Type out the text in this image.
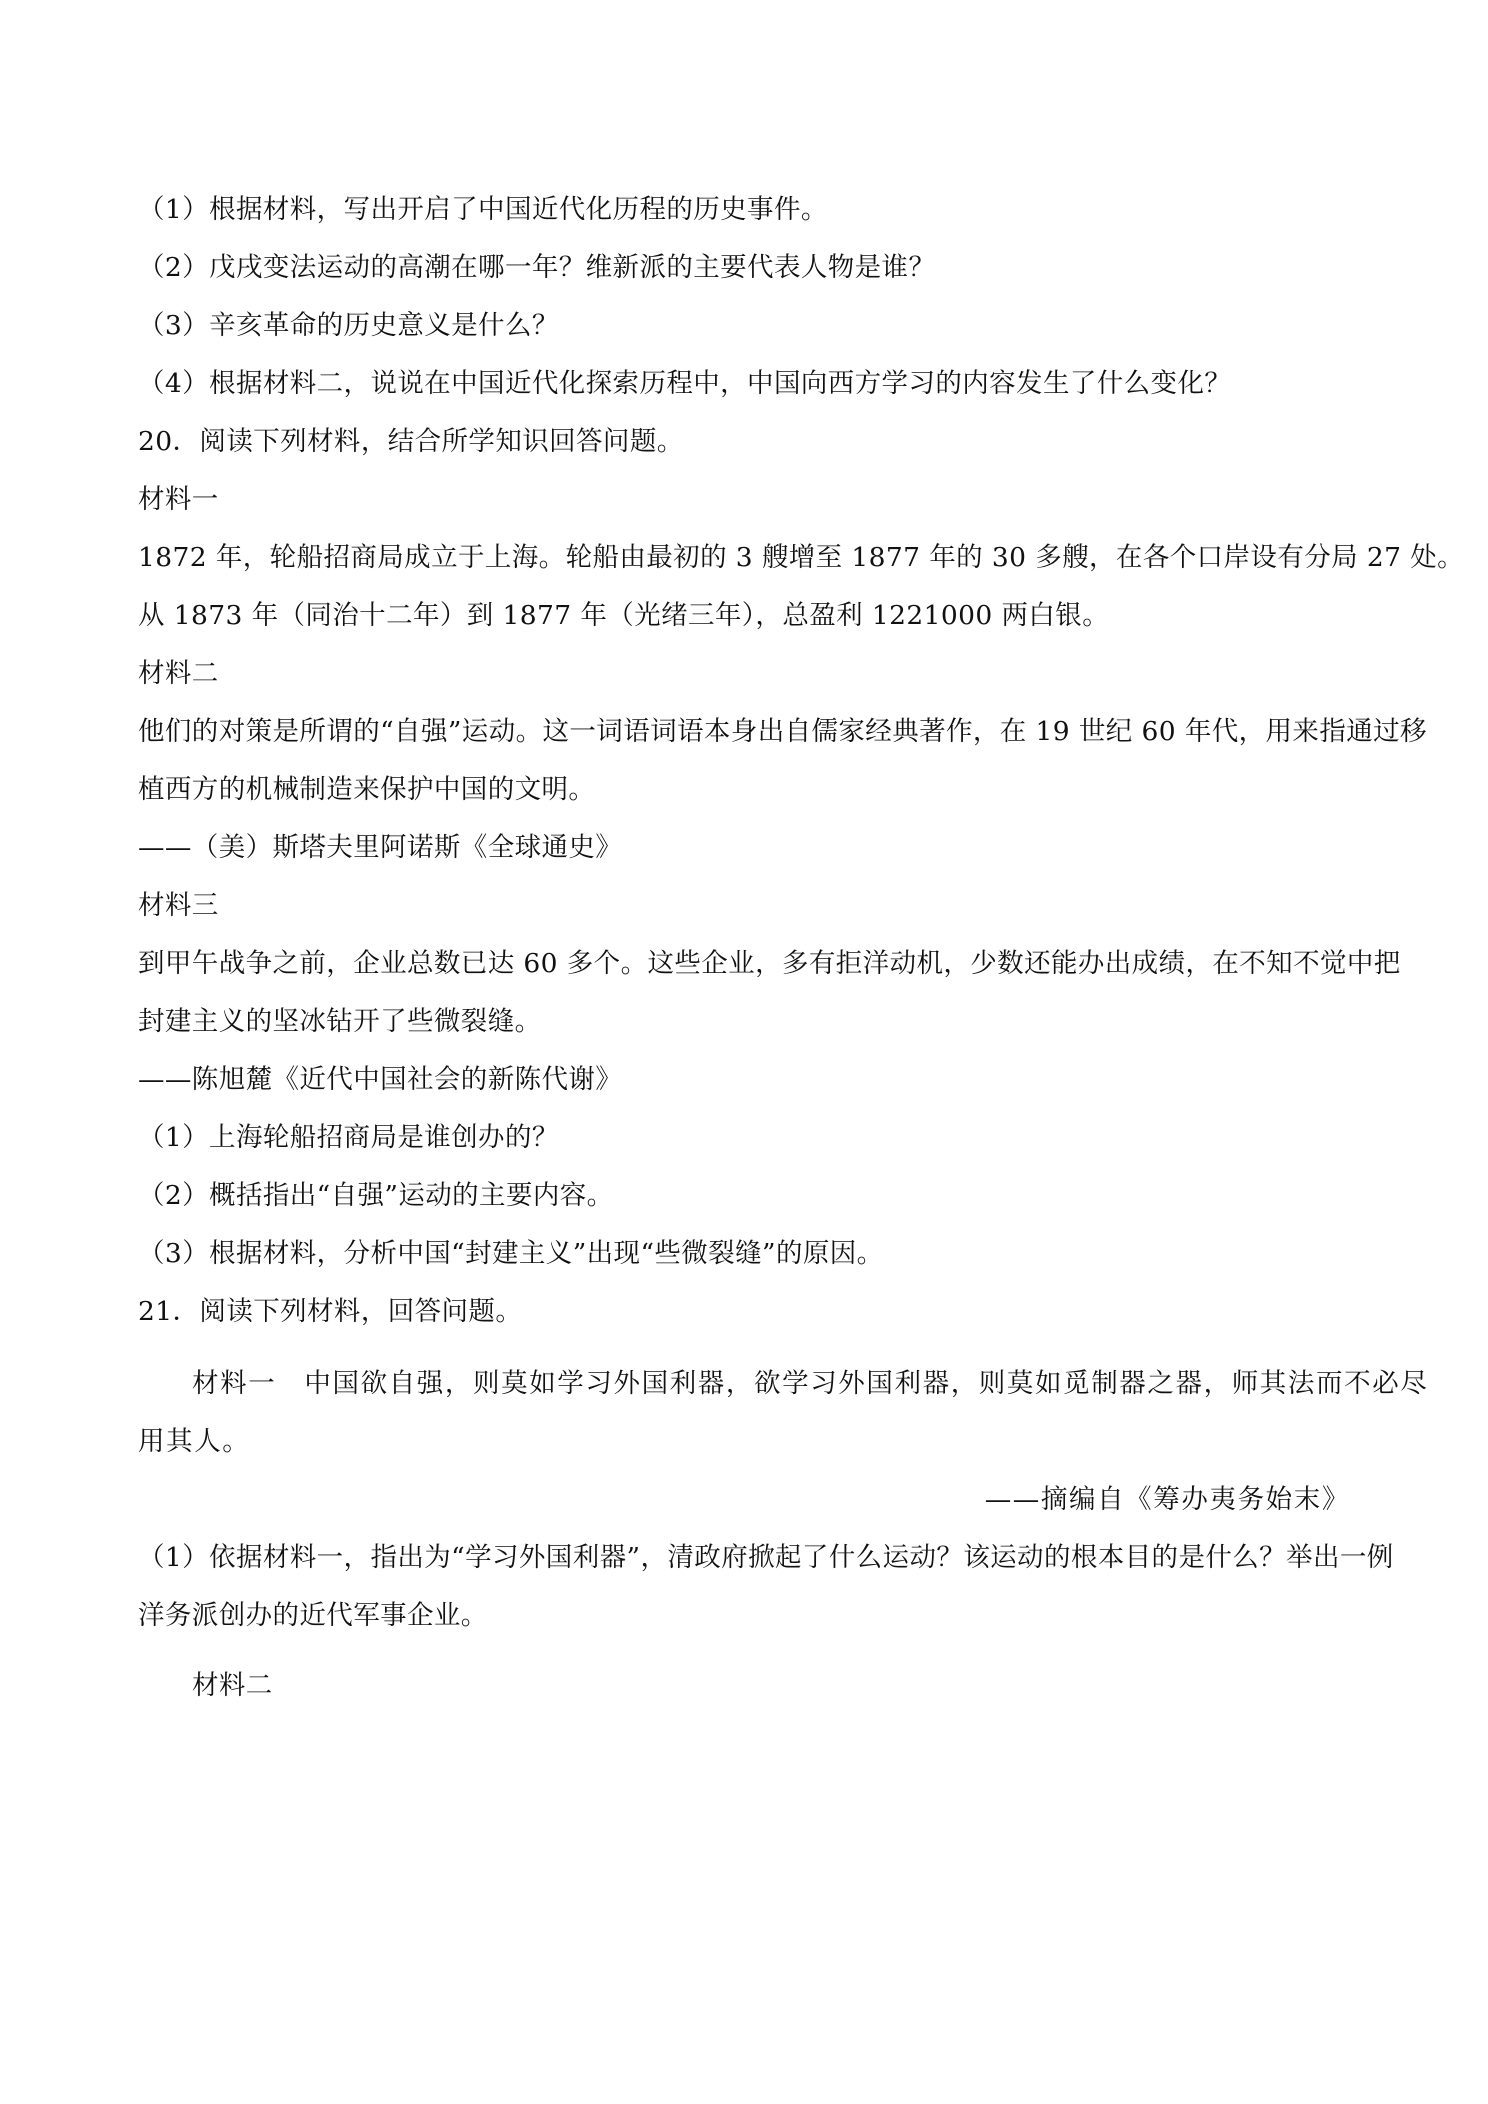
（1）根据材料，写出开启了中国近代化历程的历史事件。
（2）戊戌变法运动的高潮在哪一年？维新派的主要代表人物是谁？
（3）辛亥革命的历史意义是什么？
（4）根据材料二，说说在中国近代化探索历程中，中国向西方学习的内容发生了什么变化？
20．阅读下列材料，结合所学知识回答问题。
材料一
1872 年，轮船招商局成立于上海。轮船由最初的 3 艘增至 1877 年的 30 多艘，在各个口岸设有分局 27 处。
从 1873 年（同治十二年）到 1877 年（光绪三年），总盈利 1221000 两白银。
材料二
他们的对策是所谓的“自强”运动。这一词语词语本身出自儒家经典著作，在 19 世纪 60 年代，用来指通过移
植西方的机械制造来保护中国的文明。
——（美）斯塔夫里阿诺斯《全球通史》
材料三
到甲午战争之前，企业总数已达 60 多个。这些企业，多有拒洋动机，少数还能办出成绩，在不知不觉中把
封建主义的坚冰钻开了些微裂缝。
——陈旭麓《近代中国社会的新陈代谢》
（1）上海轮船招商局是谁创办的？
（2）概括指出“自强”运动的主要内容。
（3）根据材料，分析中国“封建主义”出现“些微裂缝”的原因。
21．阅读下列材料，回答问题。
材料一　中国欲自强，则莫如学习外国利器，欲学习外国利器，则莫如觅制器之器，师其法而不必尽
用其人。
——摘编自《筹办夷务始末》
（1）依据材料一，指出为“学习外国利器”，清政府掀起了什么运动？该运动的根本目的是什么？举出一例
洋务派创办的近代军事企业。
材料二
